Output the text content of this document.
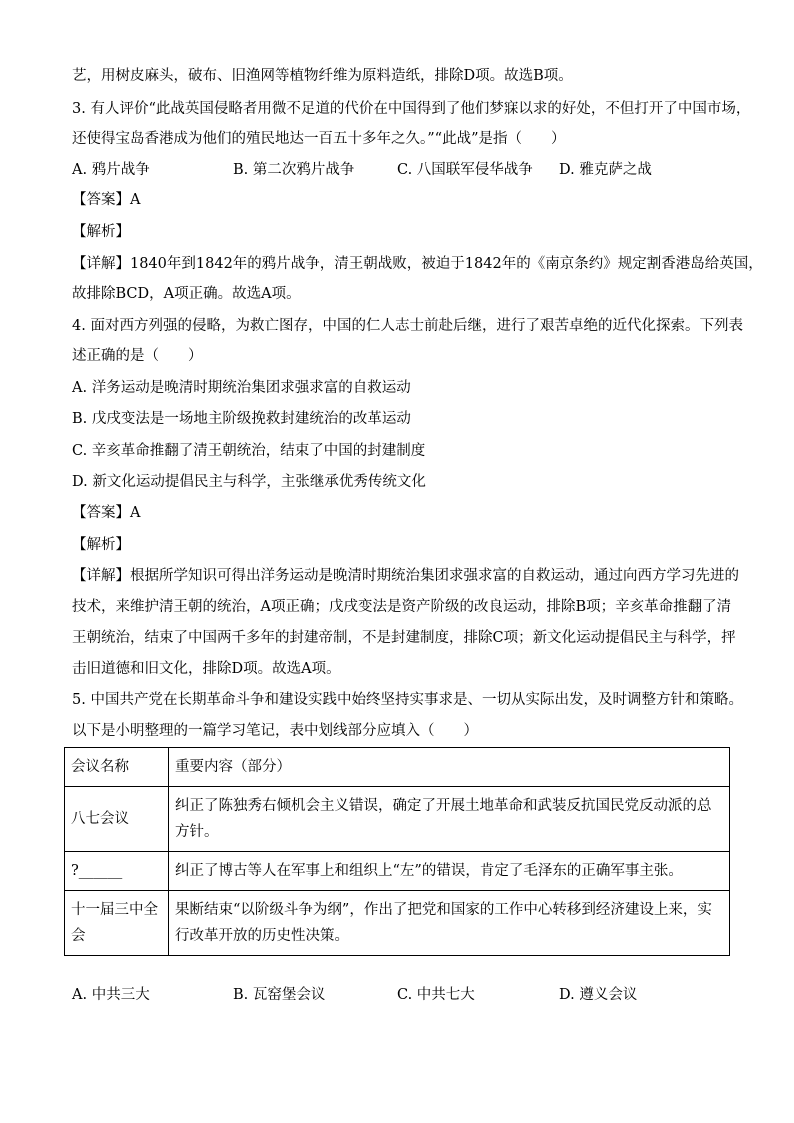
艺，用树皮麻头，破布、旧渔网等植物纤维为原料造纸，排除D项。故选B项。
3. 有人评价“此战英国侵略者用微不足道的代价在中国得到了他们梦寐以求的好处，不但打开了中国市场，
还使得宝岛香港成为他们的殖民地达一百五十多年之久。”“此战”是指（　　）
A. 鸦片战争	B. 第二次鸦片战争	C. 八国联军侵华战争 D. 雅克萨之战
【答案】A
【解析】
【详解】1840年到1842年的鸦片战争，清王朝战败，被迫于1842年的《南京条约》规定割香港岛给英国，
故排除BCD，A项正确。故选A项。
4. 面对西方列强的侵略，为救亡图存，中国的仁人志士前赴后继，进行了艰苦卓绝的近代化探索。下列表
述正确的是（　　）
A. 洋务运动是晚清时期统治集团求强求富的自救运动
B. 戊戌变法是一场地主阶级挽救封建统治的改革运动
C. 辛亥革命推翻了清王朝统治，结束了中国的封建制度
D. 新文化运动提倡民主与科学，主张继承优秀传统文化
【答案】A
【解析】
【详解】根据所学知识可得出洋务运动是晚清时期统治集团求强求富的自救运动，通过向西方学习先进的
技术，来维护清王朝的统治，A项正确；戊戌变法是资产阶级的改良运动，排除B项；辛亥革命推翻了清
王朝统治，结束了中国两千多年的封建帝制，不是封建制度，排除C项；新文化运动提倡民主与科学，抨
击旧道德和旧文化，排除D项。故选A项。
5. 中国共产党在长期革命斗争和建设实践中始终坚持实事求是、一切从实际出发，及时调整方针和策略。
以下是小明整理的一篇学习笔记，表中划线部分应填入（　　）
会议名称	重要内容（部分）
八七会议	纠正了陈独秀右倾机会主义错误，确定了开展土地革命和武装反抗国民党反动派的总方针。
?______	纠正了博古等人在军事上和组织上“左”的错误，肯定了毛泽东的正确军事主张。
十一届三中全会	果断结束“以阶级斗争为纲”，作出了把党和国家的工作中心转移到经济建设上来，实行改革开放的历史性决策。
A. 中共三大	B. 瓦窑堡会议	C. 中共七大	D. 遵义会议
